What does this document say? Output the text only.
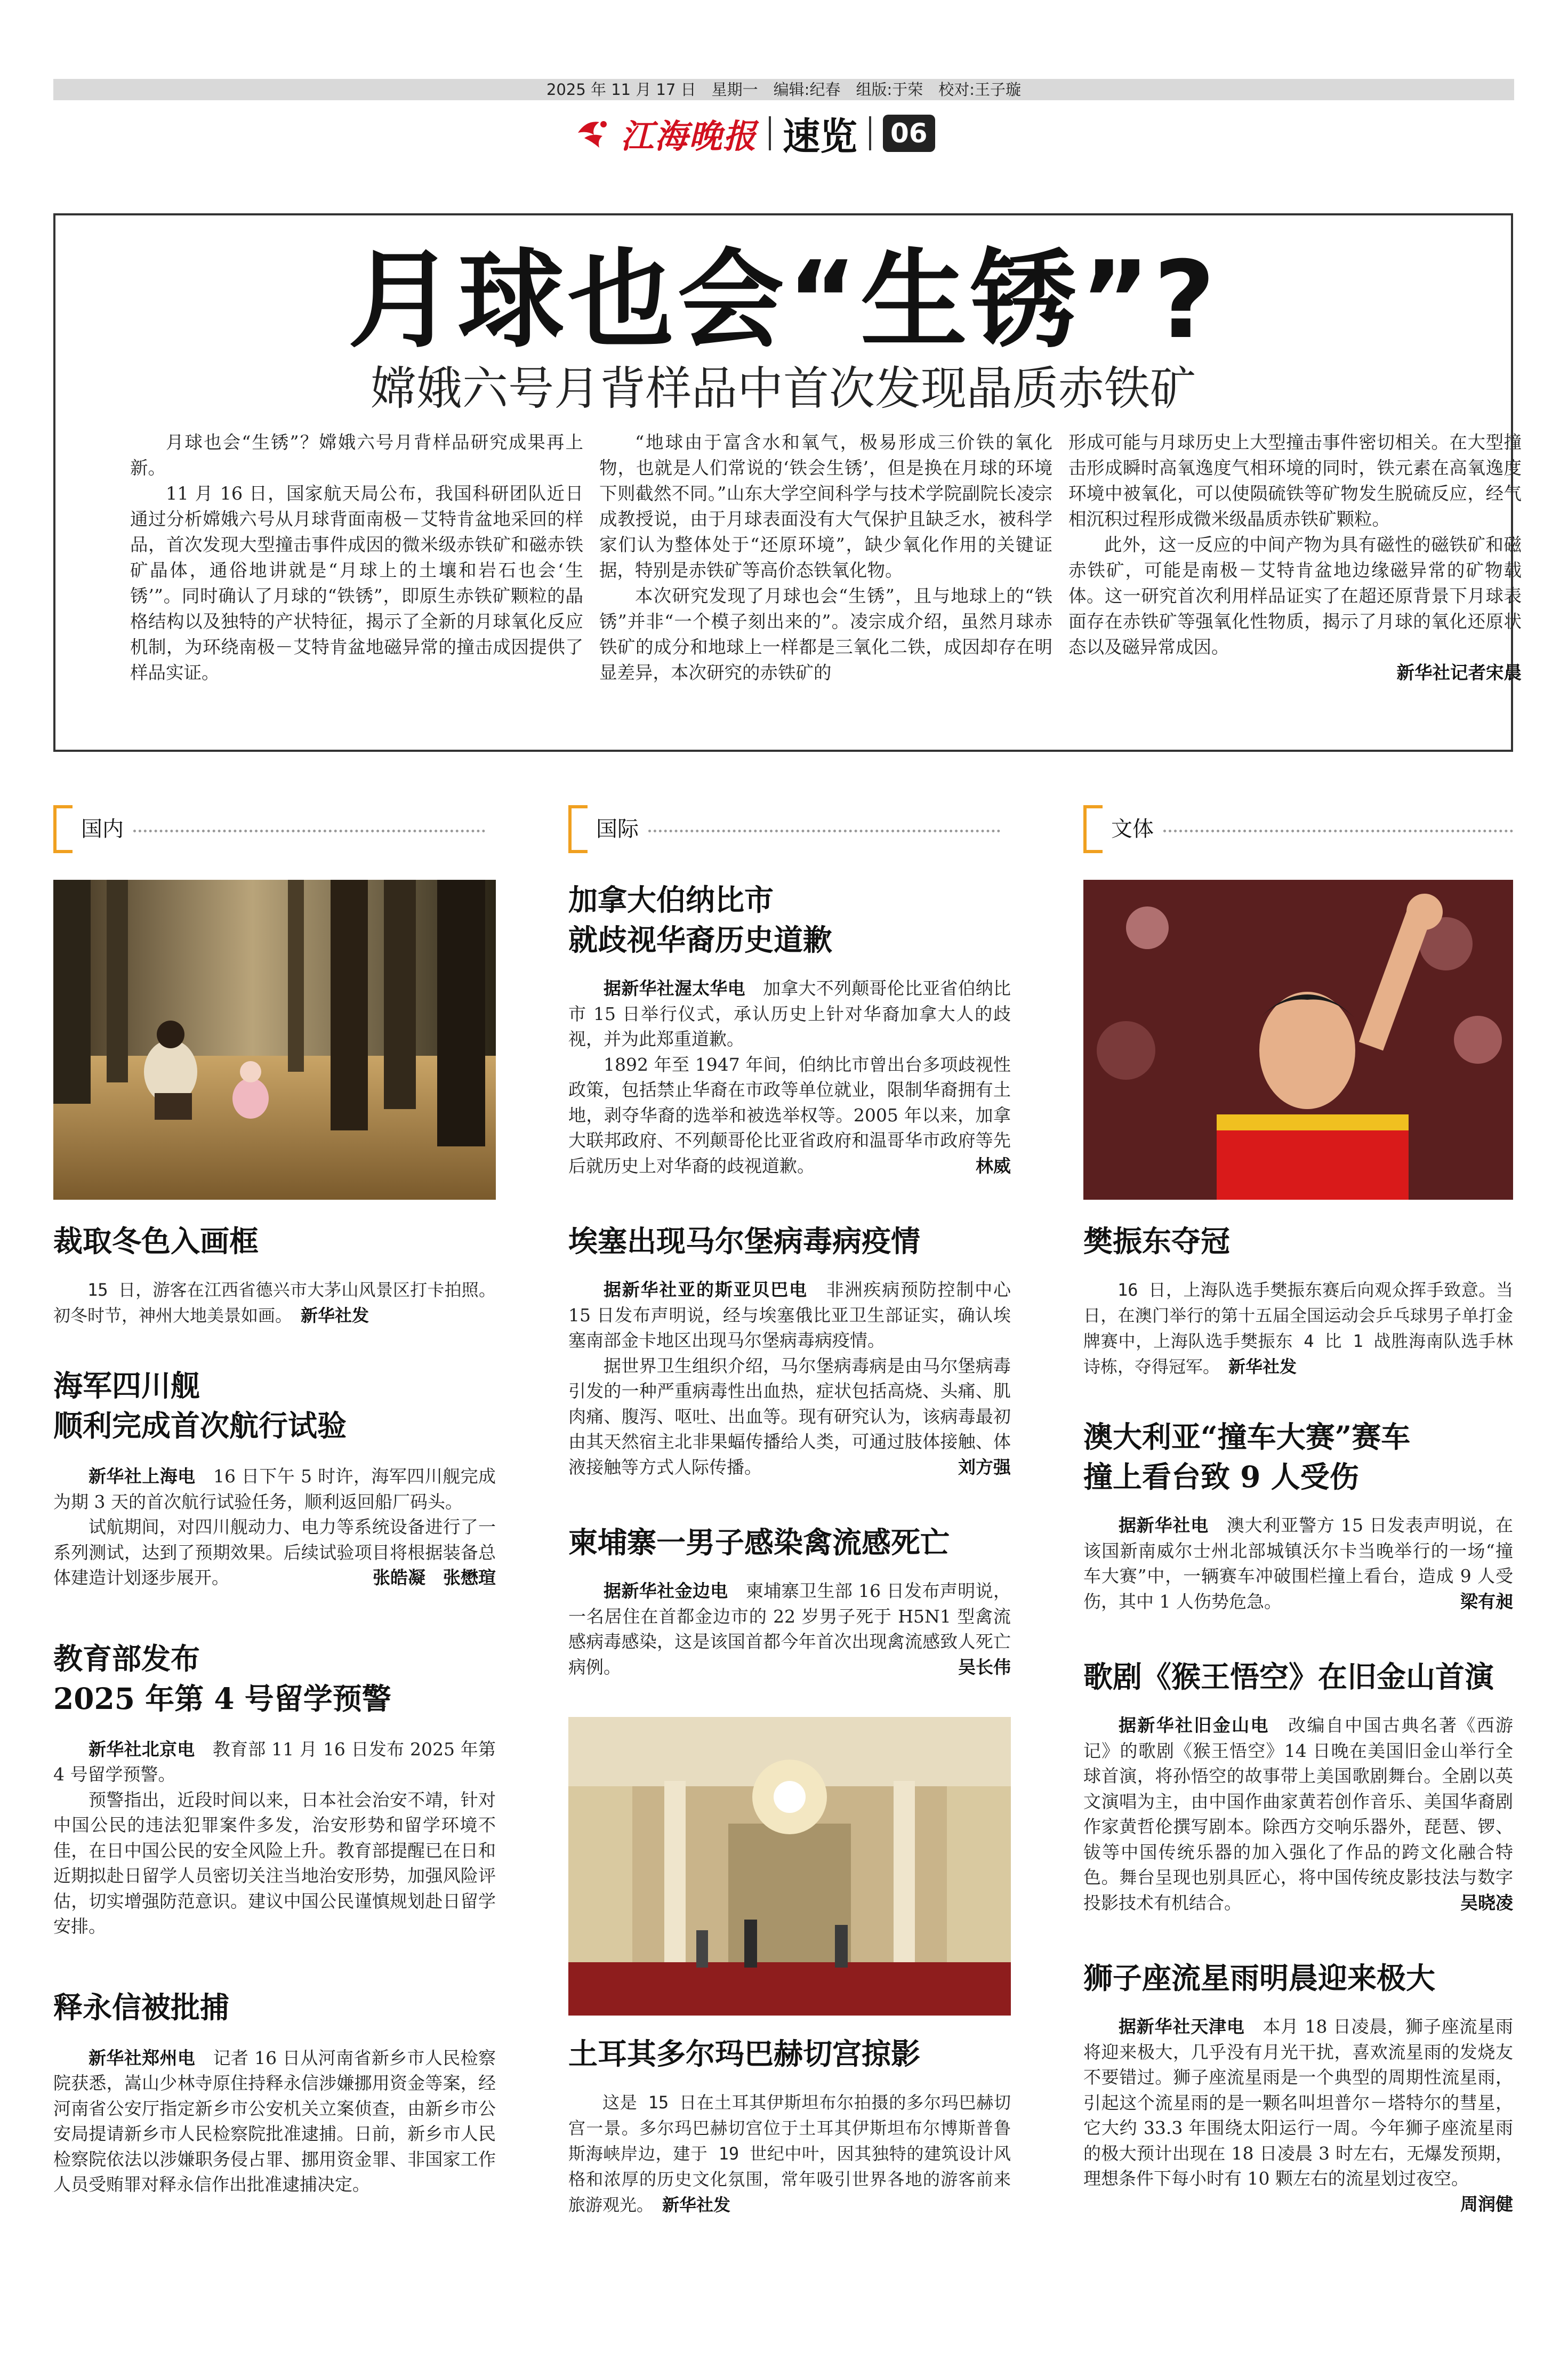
2025 年 11 月 17 日　星期一　编辑:纪春　组版:于荣　校对:王子璇
江海晚报 速览 06
月球也会“生锈”?
嫦娥六号月背样品中首次发现晶质赤铁矿

月球也会“生锈”？嫦娥六号月背样品研究成果再上新。

11 月 16 日，国家航天局公布，我国科研团队近日通过分析嫦娥六号从月球背面南极－艾特肯盆地采回的样品，首次发现大型撞击事件成因的微米级赤铁矿和磁赤铁矿晶体，通俗地讲就是“月球上的土壤和岩石也会‘生锈’”。同时确认了月球的“铁锈”，即原生赤铁矿颗粒的晶格结构以及独特的产状特征，揭示了全新的月球氧化反应机制，为环绕南极－艾特肯盆地磁异常的撞击成因提供了样品实证。

“地球由于富含水和氧气，极易形成三价铁的氧化物，也就是人们常说的‘铁会生锈’，但是换在月球的环境下则截然不同。”山东大学空间科学与技术学院副院长凌宗成教授说，由于月球表面没有大气保护且缺乏水，被科学家们认为整体处于“还原环境”，缺少氧化作用的关键证据，特别是赤铁矿等高价态铁氧化物。

本次研究发现了月球也会“生锈”，且与地球上的“铁锈”并非“一个模子刻出来的”。凌宗成介绍，虽然月球赤铁矿的成分和地球上一样都是三氧化二铁，成因却存在明显差异，本次研究的赤铁矿的

形成可能与月球历史上大型撞击事件密切相关。在大型撞击形成瞬时高氧逸度气相环境的同时，铁元素在高氧逸度环境中被氧化，可以使陨硫铁等矿物发生脱硫反应，经气相沉积过程形成微米级晶质赤铁矿颗粒。

此外，这一反应的中间产物为具有磁性的磁铁矿和磁赤铁矿，可能是南极－艾特肯盆地边缘磁异常的矿物载体。这一研究首次利用样品证实了在超还原背景下月球表面存在赤铁矿等强氧化性物质，揭示了月球的氧化还原状态以及磁异常成因。

新华社记者宋晨
国内	国际	文体
裁取冬色入画框

15 日，游客在江西省德兴市大茅山风景区打卡拍照。初冬时节，神州大地美景如画。　 新华社发

海军四川舰
顺利完成首次航行试验

新华社上海电　 16 日下午 5 时许，海军四川舰完成为期 3 天的首次航行试验任务，顺利返回船厂码头。

试航期间，对四川舰动力、电力等系统设备进行了一系列测试，达到了预期效果。后续试验项目将根据装备总体建造计划逐步展开。	张皓凝　张懋瑄

教育部发布
2025 年第 4 号留学预警

新华社北京电　 教育部 11 月 16 日发布 2025 年第 4 号留学预警。

预警指出，近段时间以来，日本社会治安不靖，针对中国公民的违法犯罪案件多发，治安形势和留学环境不佳，在日中国公民的安全风险上升。教育部提醒已在日和近期拟赴日留学人员密切关注当地治安形势，加强风险评估，切实增强防范意识。建议中国公民谨慎规划赴日留学安排。

释永信被批捕

新华社郑州电　 记者 16 日从河南省新乡市人民检察院获悉，嵩山少林寺原住持释永信涉嫌挪用资金等案，经河南省公安厅指定新乡市公安机关立案侦查，由新乡市公安局提请新乡市人民检察院批准逮捕。日前，新乡市人民检察院依法以涉嫌职务侵占罪、挪用资金罪、非国家工作人员受贿罪对释永信作出批准逮捕决定。

加拿大伯纳比市
就歧视华裔历史道歉

据新华社渥太华电　 加拿大不列颠哥伦比亚省伯纳比市 15 日举行仪式，承认历史上针对华裔加拿大人的歧视，并为此郑重道歉。

1892 年至 1947 年间，伯纳比市曾出台多项歧视性政策，包括禁止华裔在市政等单位就业，限制华裔拥有土地，剥夺华裔的选举和被选举权等。2005 年以来，加拿大联邦政府、不列颠哥伦比亚省政府和温哥华市政府等先后就历史上对华裔的歧视道歉。	林威

埃塞出现马尔堡病毒病疫情

据新华社亚的斯亚贝巴电　 非洲疾病预防控制中心 15 日发布声明说，经与埃塞俄比亚卫生部证实，确认埃塞南部金卡地区出现马尔堡病毒病疫情。

据世界卫生组织介绍，马尔堡病毒病是由马尔堡病毒引发的一种严重病毒性出血热，症状包括高烧、头痛、肌肉痛、腹泻、呕吐、出血等。现有研究认为，该病毒最初由其天然宿主北非果蝠传播给人类，可通过肢体接触、体液接触等方式人际传播。	刘方强

柬埔寨一男子感染禽流感死亡

据新华社金边电　 柬埔寨卫生部 16 日发布声明说，一名居住在首都金边市的 22 岁男子死于 H5N1 型禽流感病毒感染，这是该国首都今年首次出现禽流感致人死亡病例。	吴长伟

土耳其多尔玛巴赫切宫掠影

这是 15 日在土耳其伊斯坦布尔拍摄的多尔玛巴赫切宫一景。多尔玛巴赫切宫位于土耳其伊斯坦布尔博斯普鲁斯海峡岸边，建于 19 世纪中叶，因其独特的建筑设计风格和浓厚的历史文化氛围，常年吸引世界各地的游客前来旅游观光。　 新华社发

樊振东夺冠

16 日，上海队选手樊振东赛后向观众挥手致意。当日，在澳门举行的第十五届全国运动会乒乓球男子单打金牌赛中，上海队选手樊振东 4 比 1 战胜海南队选手林诗栋，夺得冠军。　 新华社发

澳大利亚“撞车大赛”赛车
撞上看台致 9 人受伤

据新华社电　 澳大利亚警方 15 日发表声明说，在该国新南威尔士州北部城镇沃尔卡当晚举行的一场“撞车大赛”中，一辆赛车冲破围栏撞上看台，造成 9 人受伤，其中 1 人伤势危急。	梁有昶

歌剧《猴王悟空》在旧金山首演

据新华社旧金山电　 改编自中国古典名著《西游记》的歌剧《猴王悟空》14 日晚在美国旧金山举行全球首演，将孙悟空的故事带上美国歌剧舞台。全剧以英文演唱为主，由中国作曲家黄若创作音乐、美国华裔剧作家黄哲伦撰写剧本。除西方交响乐器外，琵琶、锣、钹等中国传统乐器的加入强化了作品的跨文化融合特色。舞台呈现也别具匠心，将中国传统皮影技法与数字投影技术有机结合。	吴晓凌

狮子座流星雨明晨迎来极大

据新华社天津电　 本月 18 日凌晨，狮子座流星雨将迎来极大，几乎没有月光干扰，喜欢流星雨的发烧友不要错过。狮子座流星雨是一个典型的周期性流星雨，引起这个流星雨的是一颗名叫坦普尔－塔特尔的彗星，它大约 33.3 年围绕太阳运行一周。今年狮子座流星雨的极大预计出现在 18 日凌晨 3 时左右，无爆发预期，理想条件下每小时有 10 颗左右的流星划过夜空。
周润健
